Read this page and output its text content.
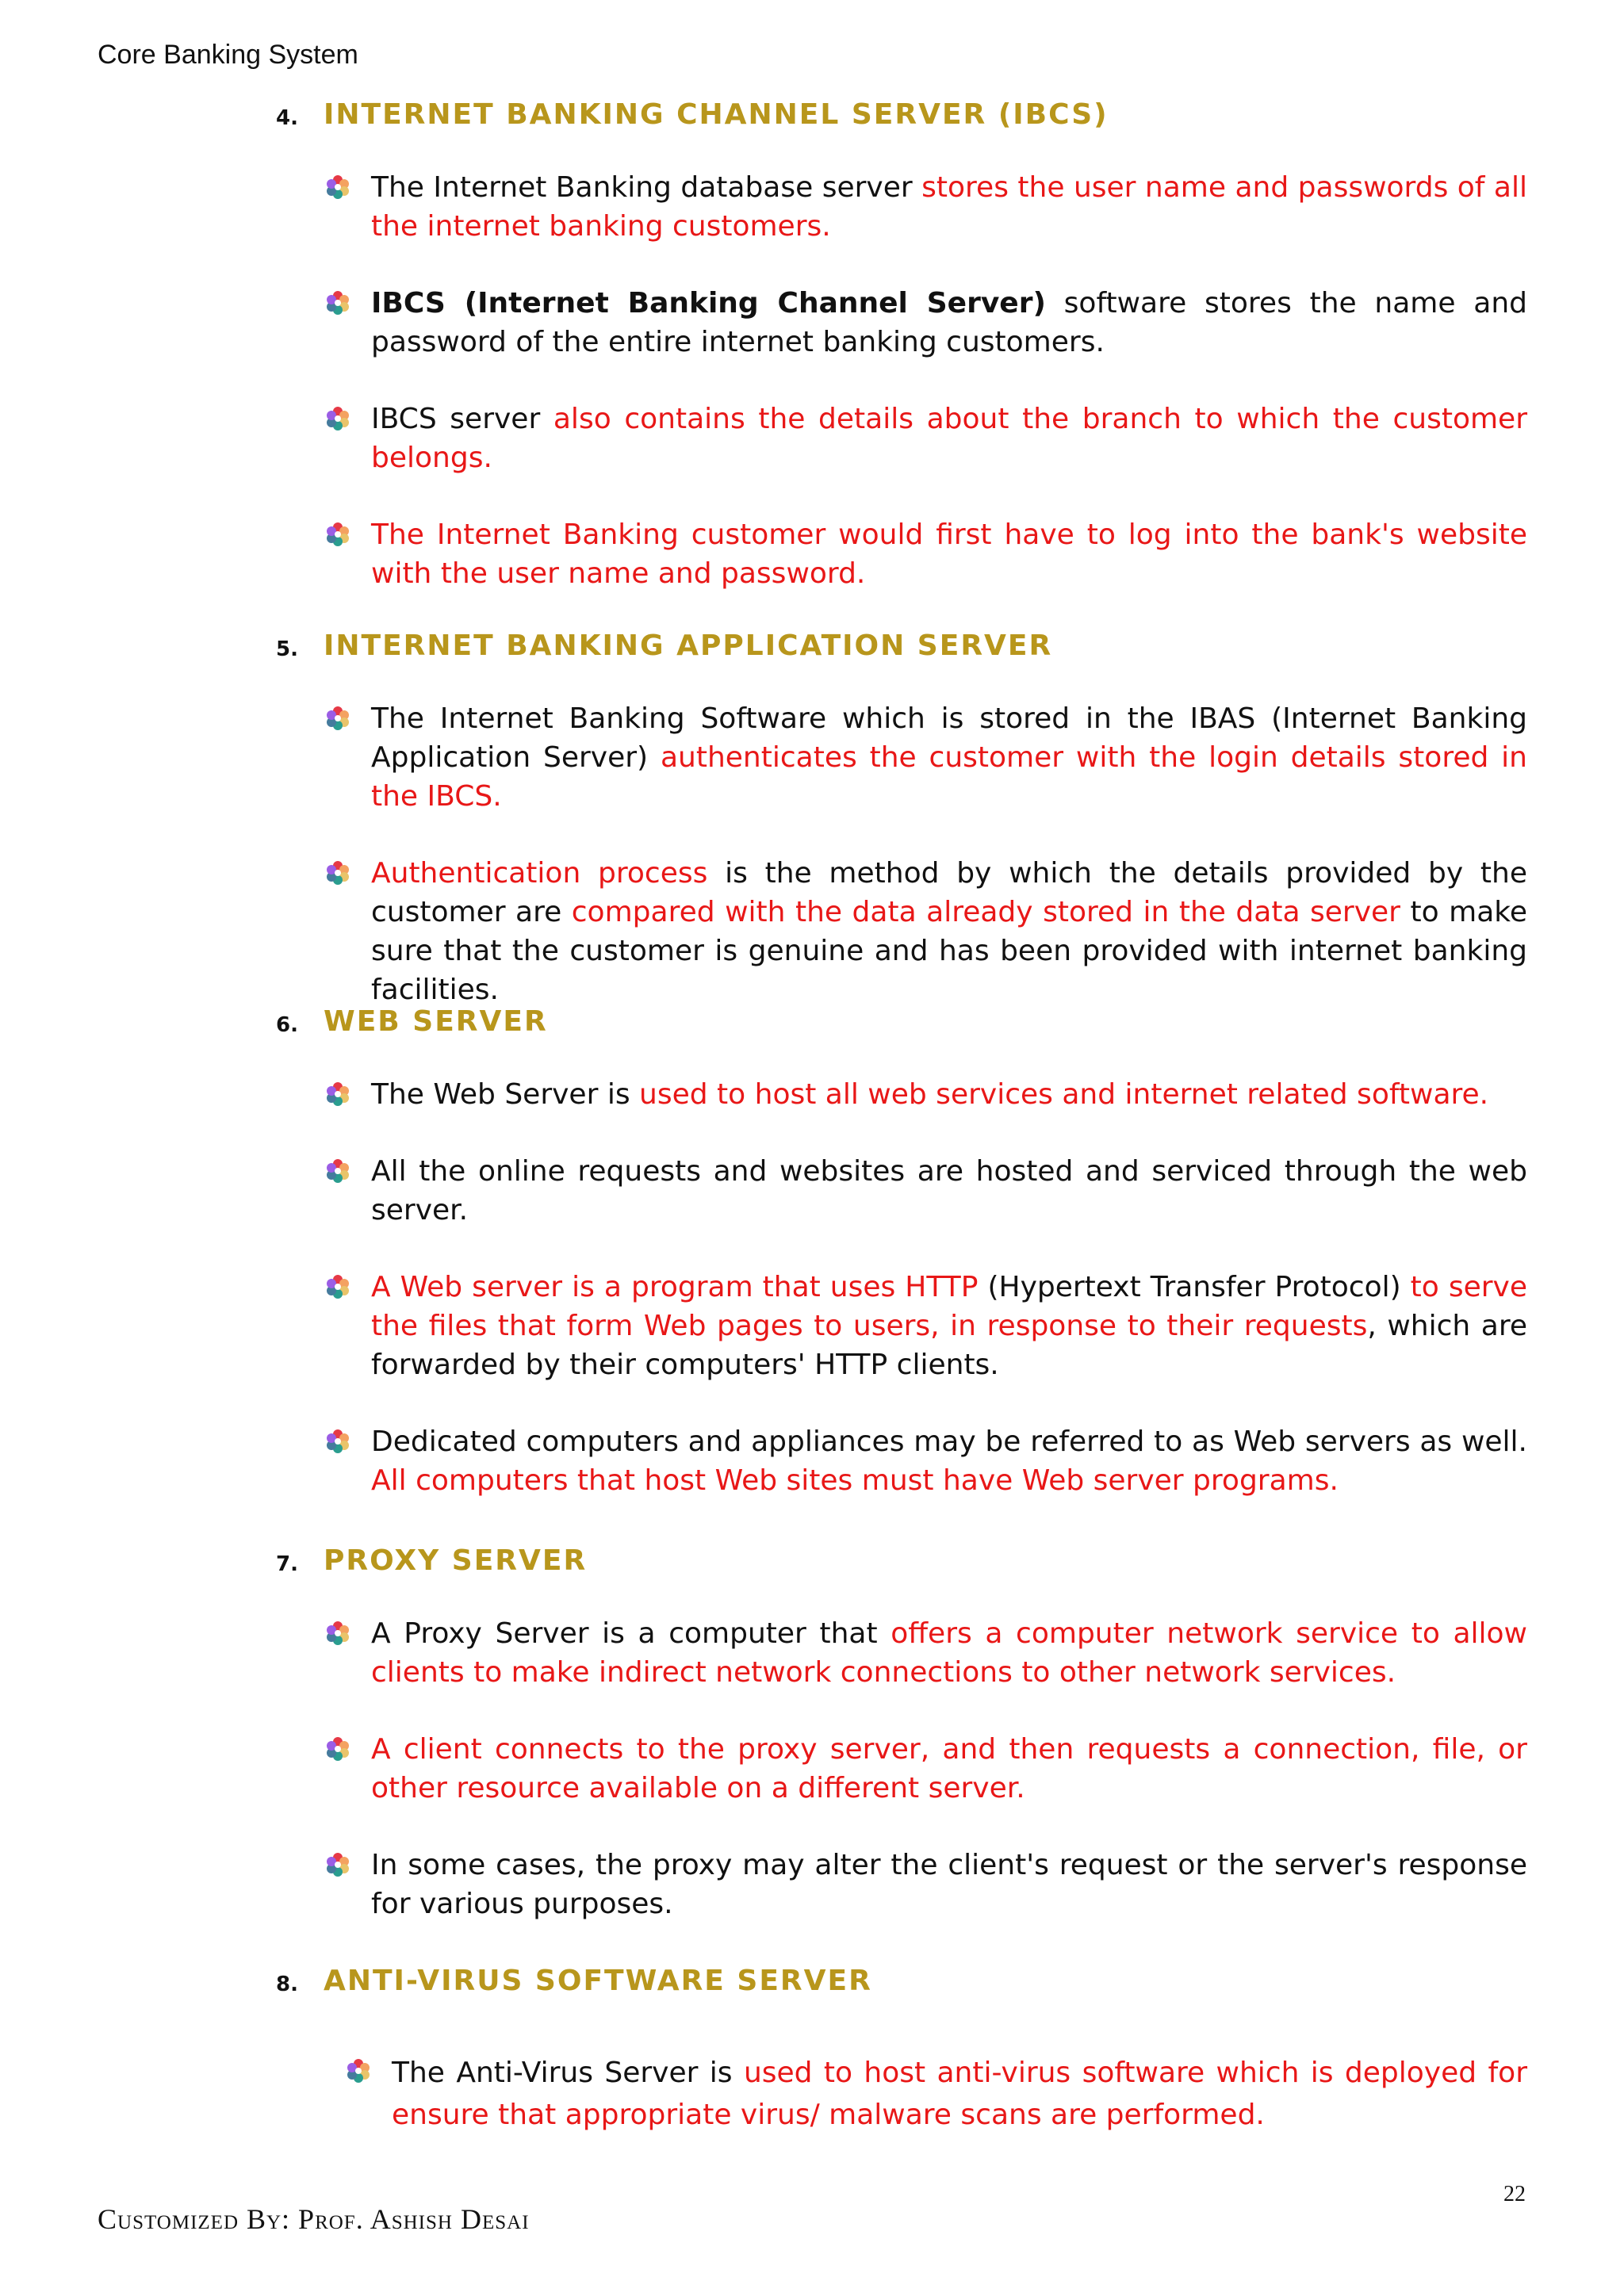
Core Banking System
4. INTERNET BANKING CHANNEL SERVER (IBCS)

The Internet Banking database server stores the user name and passwords of all the internet banking customers.

IBCS (Internet Banking Channel Server) software stores the name and password of the entire internet banking customers.

IBCS server also contains the details about the branch to which the customer belongs.

The Internet Banking customer would first have to log into the bank's website with the user name and password.

5. INTERNET BANKING APPLICATION SERVER

The Internet Banking Software which is stored in the IBAS (Internet Banking Application Server) authenticates the customer with the login details stored in the IBCS.

Authentication process is the method by which the details provided by the customer are compared with the data already stored in the data server to make sure that the customer is genuine and has been provided with internet banking facilities.

6. WEB SERVER

The Web Server is used to host all web services and internet related software.

All the online requests and websites are hosted and serviced through the web server.

A Web server is a program that uses HTTP (Hypertext Transfer Protocol) to serve the files that form Web pages to users, in response to their requests, which are forwarded by their computers' HTTP clients.

Dedicated computers and appliances may be referred to as Web servers as well. All computers that host Web sites must have Web server programs.

7. PROXY SERVER

A Proxy Server is a computer that offers a computer network service to allow clients to make indirect network connections to other network services.

A client connects to the proxy server, and then requests a connection, file, or other resource available on a different server.

In some cases, the proxy may alter the client's request or the server's response for various purposes.

8. ANTI-VIRUS SOFTWARE SERVER

The Anti-Virus Server is used to host anti-virus software which is deployed for ensure that appropriate virus/ malware scans are performed.

22
Customized By: Prof. Ashish Desai
